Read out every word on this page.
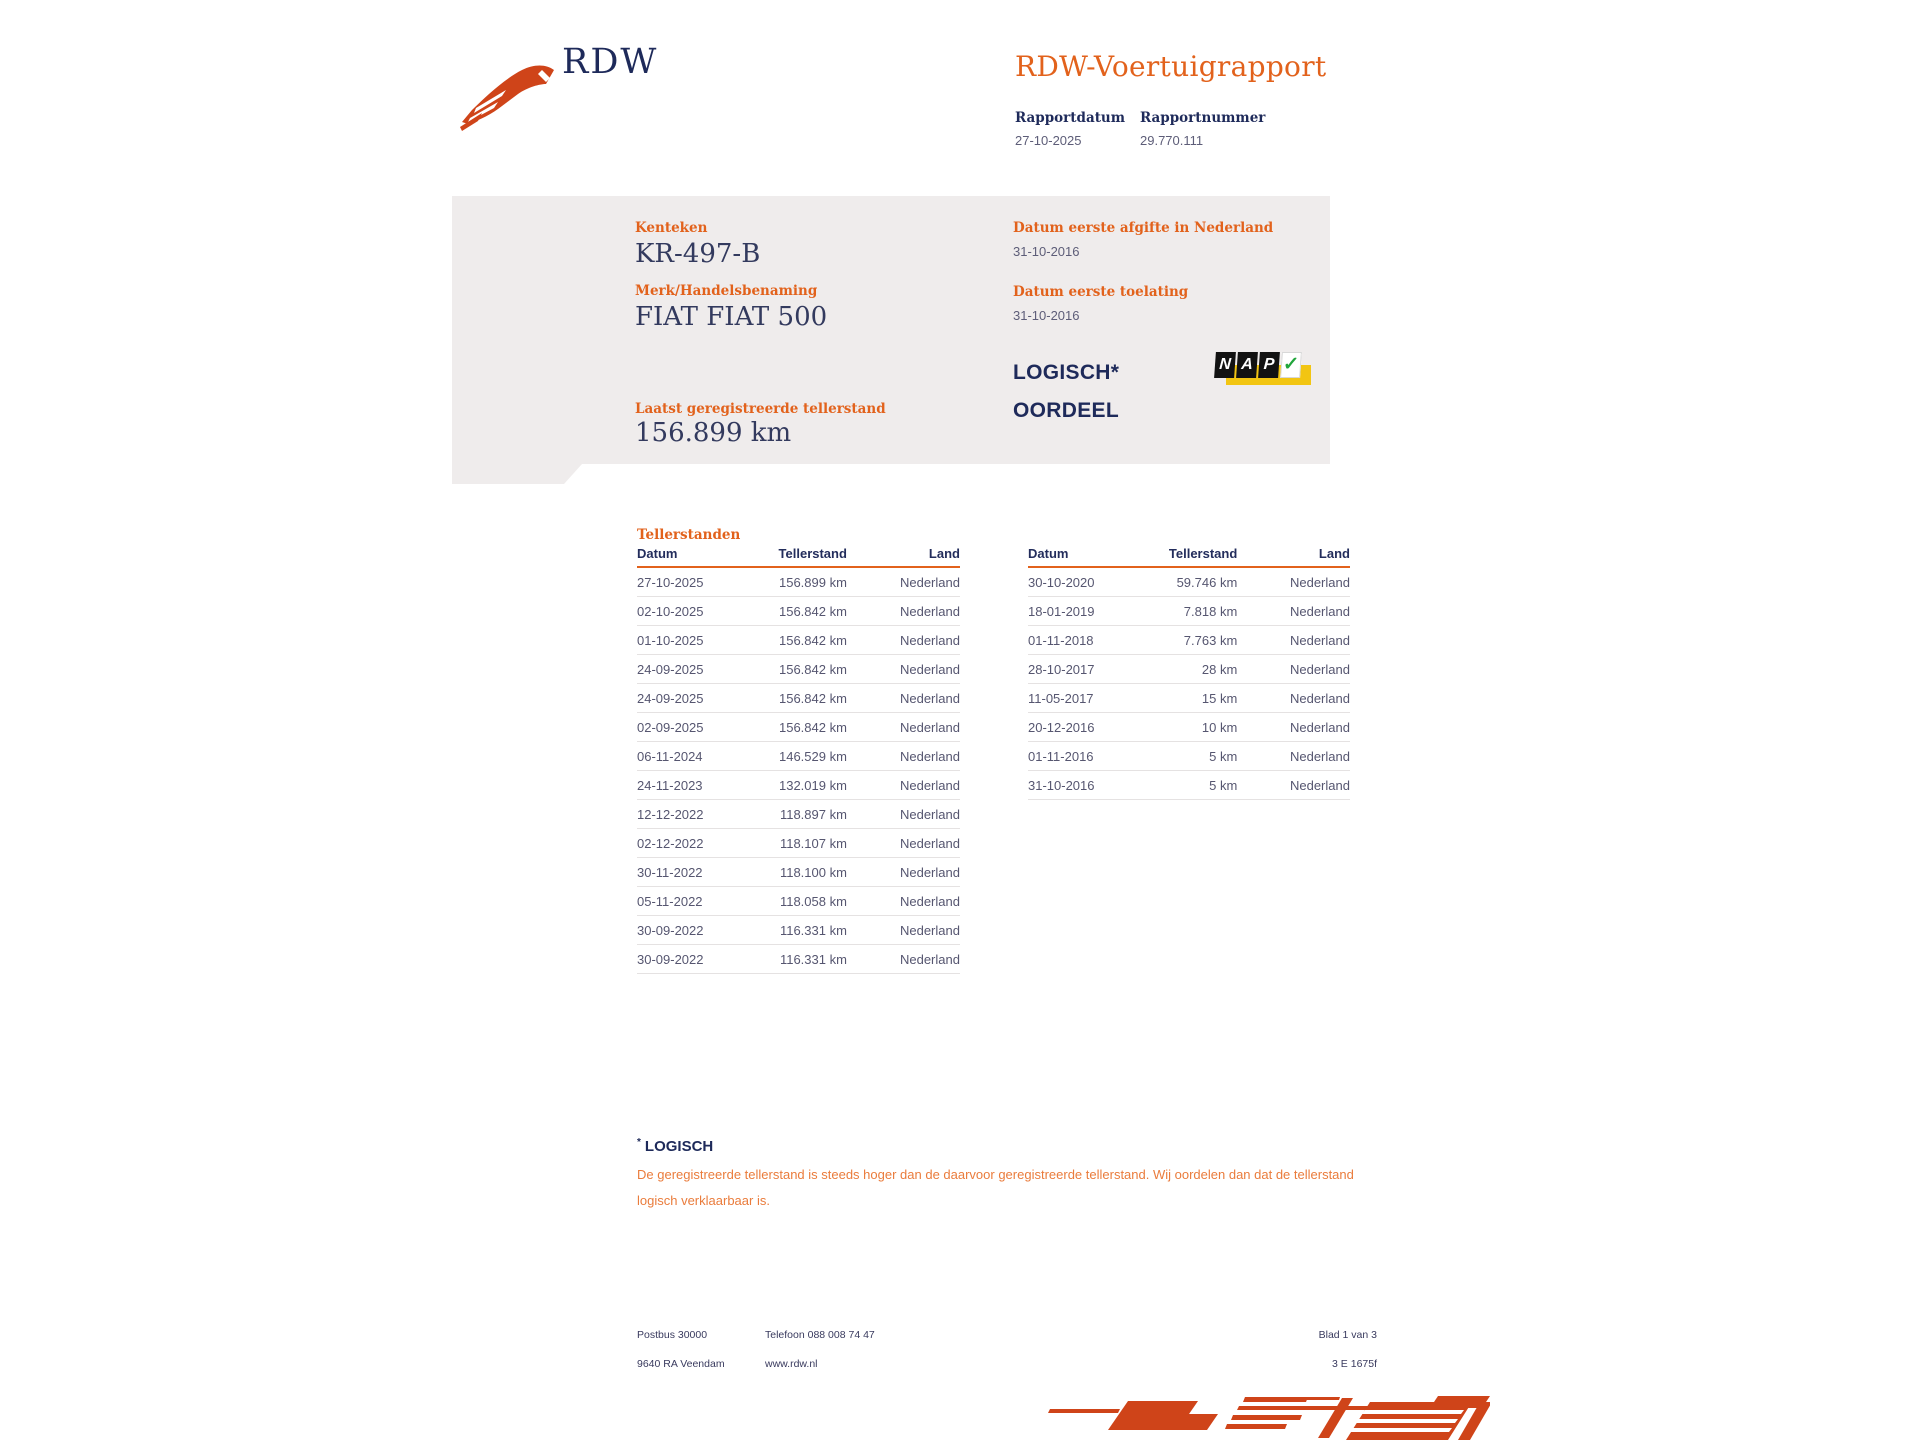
RDW	RDW-Voertuigrapport
Rapportdatum
27-10-2025
Rapportnummer
29.770.111
Kenteken
KR-497-B
Merk/Handelsbenaming
FIAT FIAT 500
Laatst geregistreerde tellerstand
156.899 km
Datum eerste afgifte in Nederland
31-10-2016
Datum eerste toelating
31-10-2016
LOGISCH*
OORDEEL
N A P ✓
Tellerstanden
Datum	Tellerstand	Land
27-10-2025	156.899 km	Nederland
02-10-2025	156.842 km	Nederland
01-10-2025	156.842 km	Nederland
24-09-2025	156.842 km	Nederland
24-09-2025	156.842 km	Nederland
02-09-2025	156.842 km	Nederland
06-11-2024	146.529 km	Nederland
24-11-2023	132.019 km	Nederland
12-12-2022	118.897 km	Nederland
02-12-2022	118.107 km	Nederland
30-11-2022	118.100 km	Nederland
05-11-2022	118.058 km	Nederland
30-09-2022	116.331 km	Nederland
30-09-2022	116.331 km	Nederland
Datum	Tellerstand	Land
30-10-2020	59.746 km	Nederland
18-01-2019	7.818 km	Nederland
01-11-2018	7.763 km	Nederland
28-10-2017	28 km	Nederland
11-05-2017	15 km	Nederland
20-12-2016	10 km	Nederland
01-11-2016	5 km	Nederland
31-10-2016	5 km	Nederland
* LOGISCH

De geregistreerde tellerstand is steeds hoger dan de daarvoor geregistreerde tellerstand. Wij oordelen dan dat de tellerstand logisch verklaarbaar is.

Postbus 30000
9640 RA Veendam
Telefoon 088 008 74 47
www.rdw.nl
Blad 1 van 3
3 E 1675f
